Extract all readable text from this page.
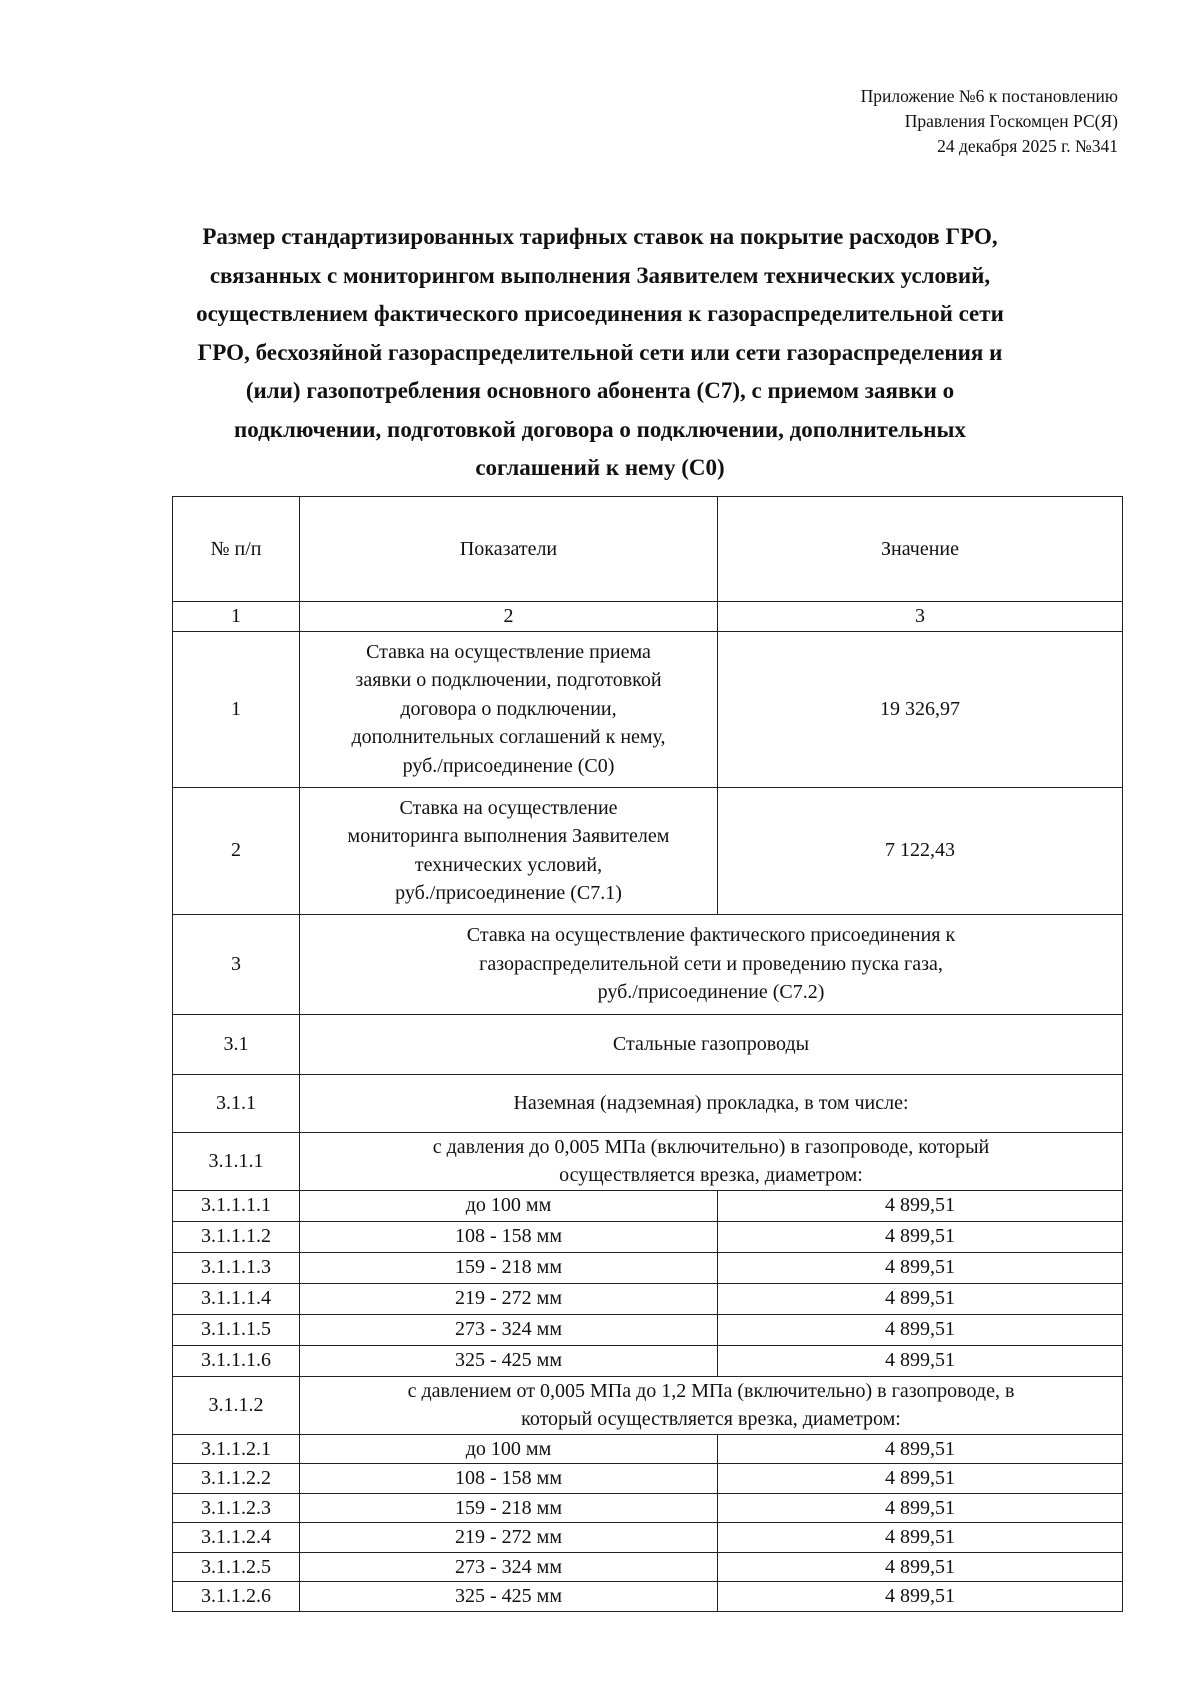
Приложение №6 к постановлению
Правления Госкомцен РС(Я)
24 декабря 2025 г. №341
Размер стандартизированных тарифных ставок на покрытие расходов ГРО,
связанных с мониторингом выполнения Заявителем технических условий,
осуществлением фактического присоединения к газораспределительной сети
ГРО, бесхозяйной газораспределительной сети или сети газораспределения и
(или) газопотребления основного абонента (С7), с приемом заявки о
подключении, подготовкой договора о подключении, дополнительных
соглашений к нему (С0)
№ п/п	Показатели	Значение
1	2	3
1	Ставка на осуществление приема
заявки о подключении, подготовкой
договора о подключении,
дополнительных соглашений к нему,
руб./присоединение (С0)	19 326,97
2	Ставка на осуществление
мониторинга выполнения Заявителем
технических условий,
руб./присоединение (С7.1)	7 122,43
3	Ставка на осуществление фактического присоединения к
газораспределительной сети и проведению пуска газа,
руб./присоединение (С7.2)	

3.1	Стальные газопроводы	
3.1.1	Наземная (надземная) прокладка, в том числе:	
3.1.1.1	с давления до 0,005 МПа (включительно) в газопроводе, который
осуществляется врезка, диаметром:	

3.1.1.1.1	до 100 мм	4 899,51
3.1.1.1.2	108 - 158 мм	4 899,51
3.1.1.1.3	159 - 218 мм	4 899,51
3.1.1.1.4	219 - 272 мм	4 899,51
3.1.1.1.5	273 - 324 мм	4 899,51
3.1.1.1.6	325 - 425 мм	4 899,51
3.1.1.2	с давлением от 0,005 МПа до 1,2 МПа (включительно) в газопроводе, в
который осуществляется врезка, диаметром:	

3.1.1.2.1	до 100 мм	4 899,51
3.1.1.2.2	108 - 158 мм	4 899,51
3.1.1.2.3	159 - 218 мм	4 899,51
3.1.1.2.4	219 - 272 мм	4 899,51
3.1.1.2.5	273 - 324 мм	4 899,51
3.1.1.2.6	325 - 425 мм	4 899,51
